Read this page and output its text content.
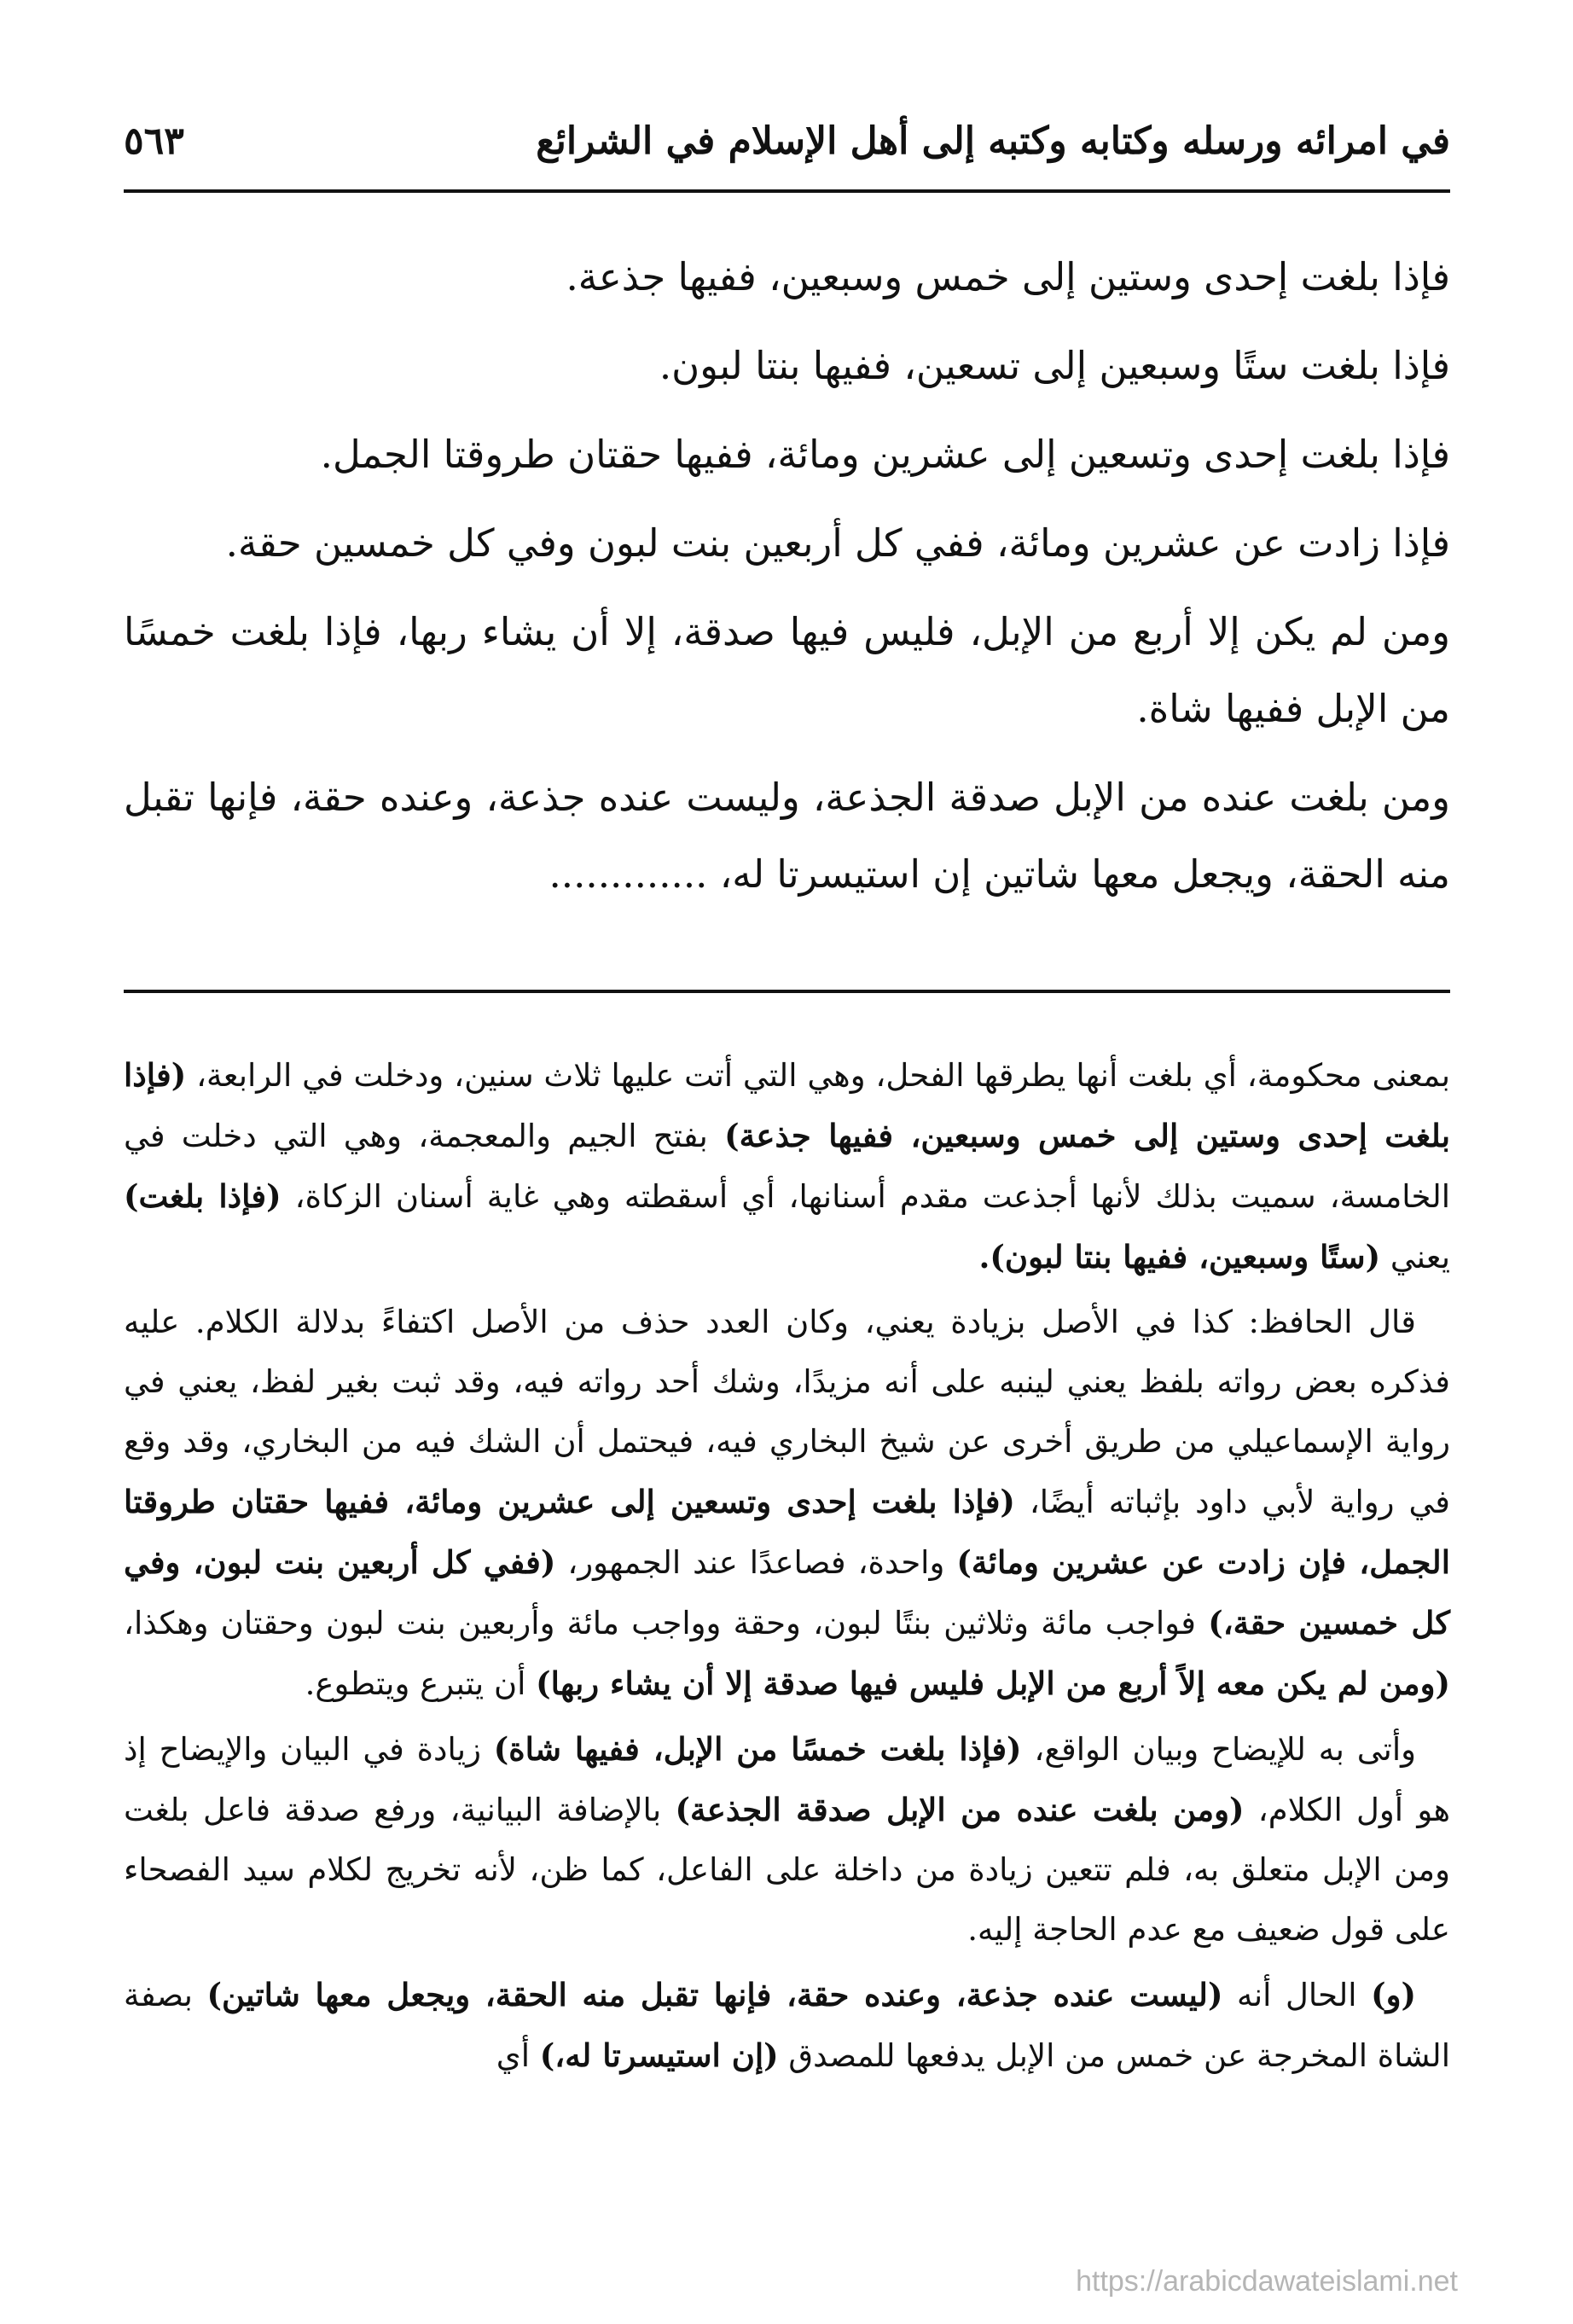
في امرائه ورسله وكتابه وكتبه إلى أهل الإسلام في الشرائع
٥٦٣

فإذا بلغت إحدى وستين إلى خمس وسبعين، ففيها جذعة.

فإذا بلغت ستًا وسبعين إلى تسعين، ففيها بنتا لبون.

فإذا بلغت إحدى وتسعين إلى عشرين ومائة، ففيها حقتان طروقتا الجمل.

فإذا زادت عن عشرين ومائة، ففي كل أربعين بنت لبون وفي كل خمسين حقة.

ومن لم يكن إلا أربع من الإبل، فليس فيها صدقة، إلا أن يشاء ربها، فإذا بلغت خمسًا من الإبل ففيها شاة.

ومن بلغت عنده من الإبل صدقة الجذعة، وليست عنده جذعة، وعنده حقة، فإنها تقبل منه الحقة، ويجعل معها شاتين إن استيسرتا له، .............

بمعنى محكومة، أي بلغت أنها يطرقها الفحل، وهي التي أتت عليها ثلاث سنين، ودخلت في الرابعة، (فإذا بلغت إحدى وستين إلى خمس وسبعين، ففيها جذعة) بفتح الجيم والمعجمة، وهي التي دخلت في الخامسة، سميت بذلك لأنها أجذعت مقدم أسنانها، أي أسقطته وهي غاية أسنان الزكاة، (فإذا بلغت) يعني (ستًا وسبعين، ففيها بنتا لبون).

قال الحافظ: كذا في الأصل بزيادة يعني، وكان العدد حذف من الأصل اكتفاءً بدلالة الكلام. عليه فذكره بعض رواته بلفظ يعني لينبه على أنه مزيدًا، وشك أحد رواته فيه، وقد ثبت بغير لفظ، يعني في رواية الإسماعيلي من طريق أخرى عن شيخ البخاري فيه، فيحتمل أن الشك فيه من البخاري، وقد وقع في رواية لأبي داود بإثباته أيضًا، (فإذا بلغت إحدى وتسعين إلى عشرين ومائة، ففيها حقتان طروقتا الجمل، فإن زادت عن عشرين ومائة) واحدة، فصاعدًا عند الجمهور، (ففي كل أربعين بنت لبون، وفي كل خمسين حقة،) فواجب مائة وثلاثين بنتًا لبون، وحقة وواجب مائة وأربعين بنت لبون وحقتان وهكذا، (ومن لم يكن معه إلاً أربع من الإبل فليس فيها صدقة إلا أن يشاء ربها) أن يتبرع ويتطوع.

وأتى به للإيضاح وبيان الواقع، (فإذا بلغت خمسًا من الإبل، ففيها شاة) زيادة في البيان والإيضاح إذ هو أول الكلام، (ومن بلغت عنده من الإبل صدقة الجذعة) بالإضافة البيانية، ورفع صدقة فاعل بلغت ومن الإبل متعلق به، فلم تتعين زيادة من داخلة على الفاعل، كما ظن، لأنه تخريج لكلام سيد الفصحاء على قول ضعيف مع عدم الحاجة إليه.

(و) الحال أنه (ليست عنده جذعة، وعنده حقة، فإنها تقبل منه الحقة، ويجعل معها شاتين) بصفة الشاة المخرجة عن خمس من الإبل يدفعها للمصدق (إن استيسرتا له،) أي

https://arabicdawateislami.net
